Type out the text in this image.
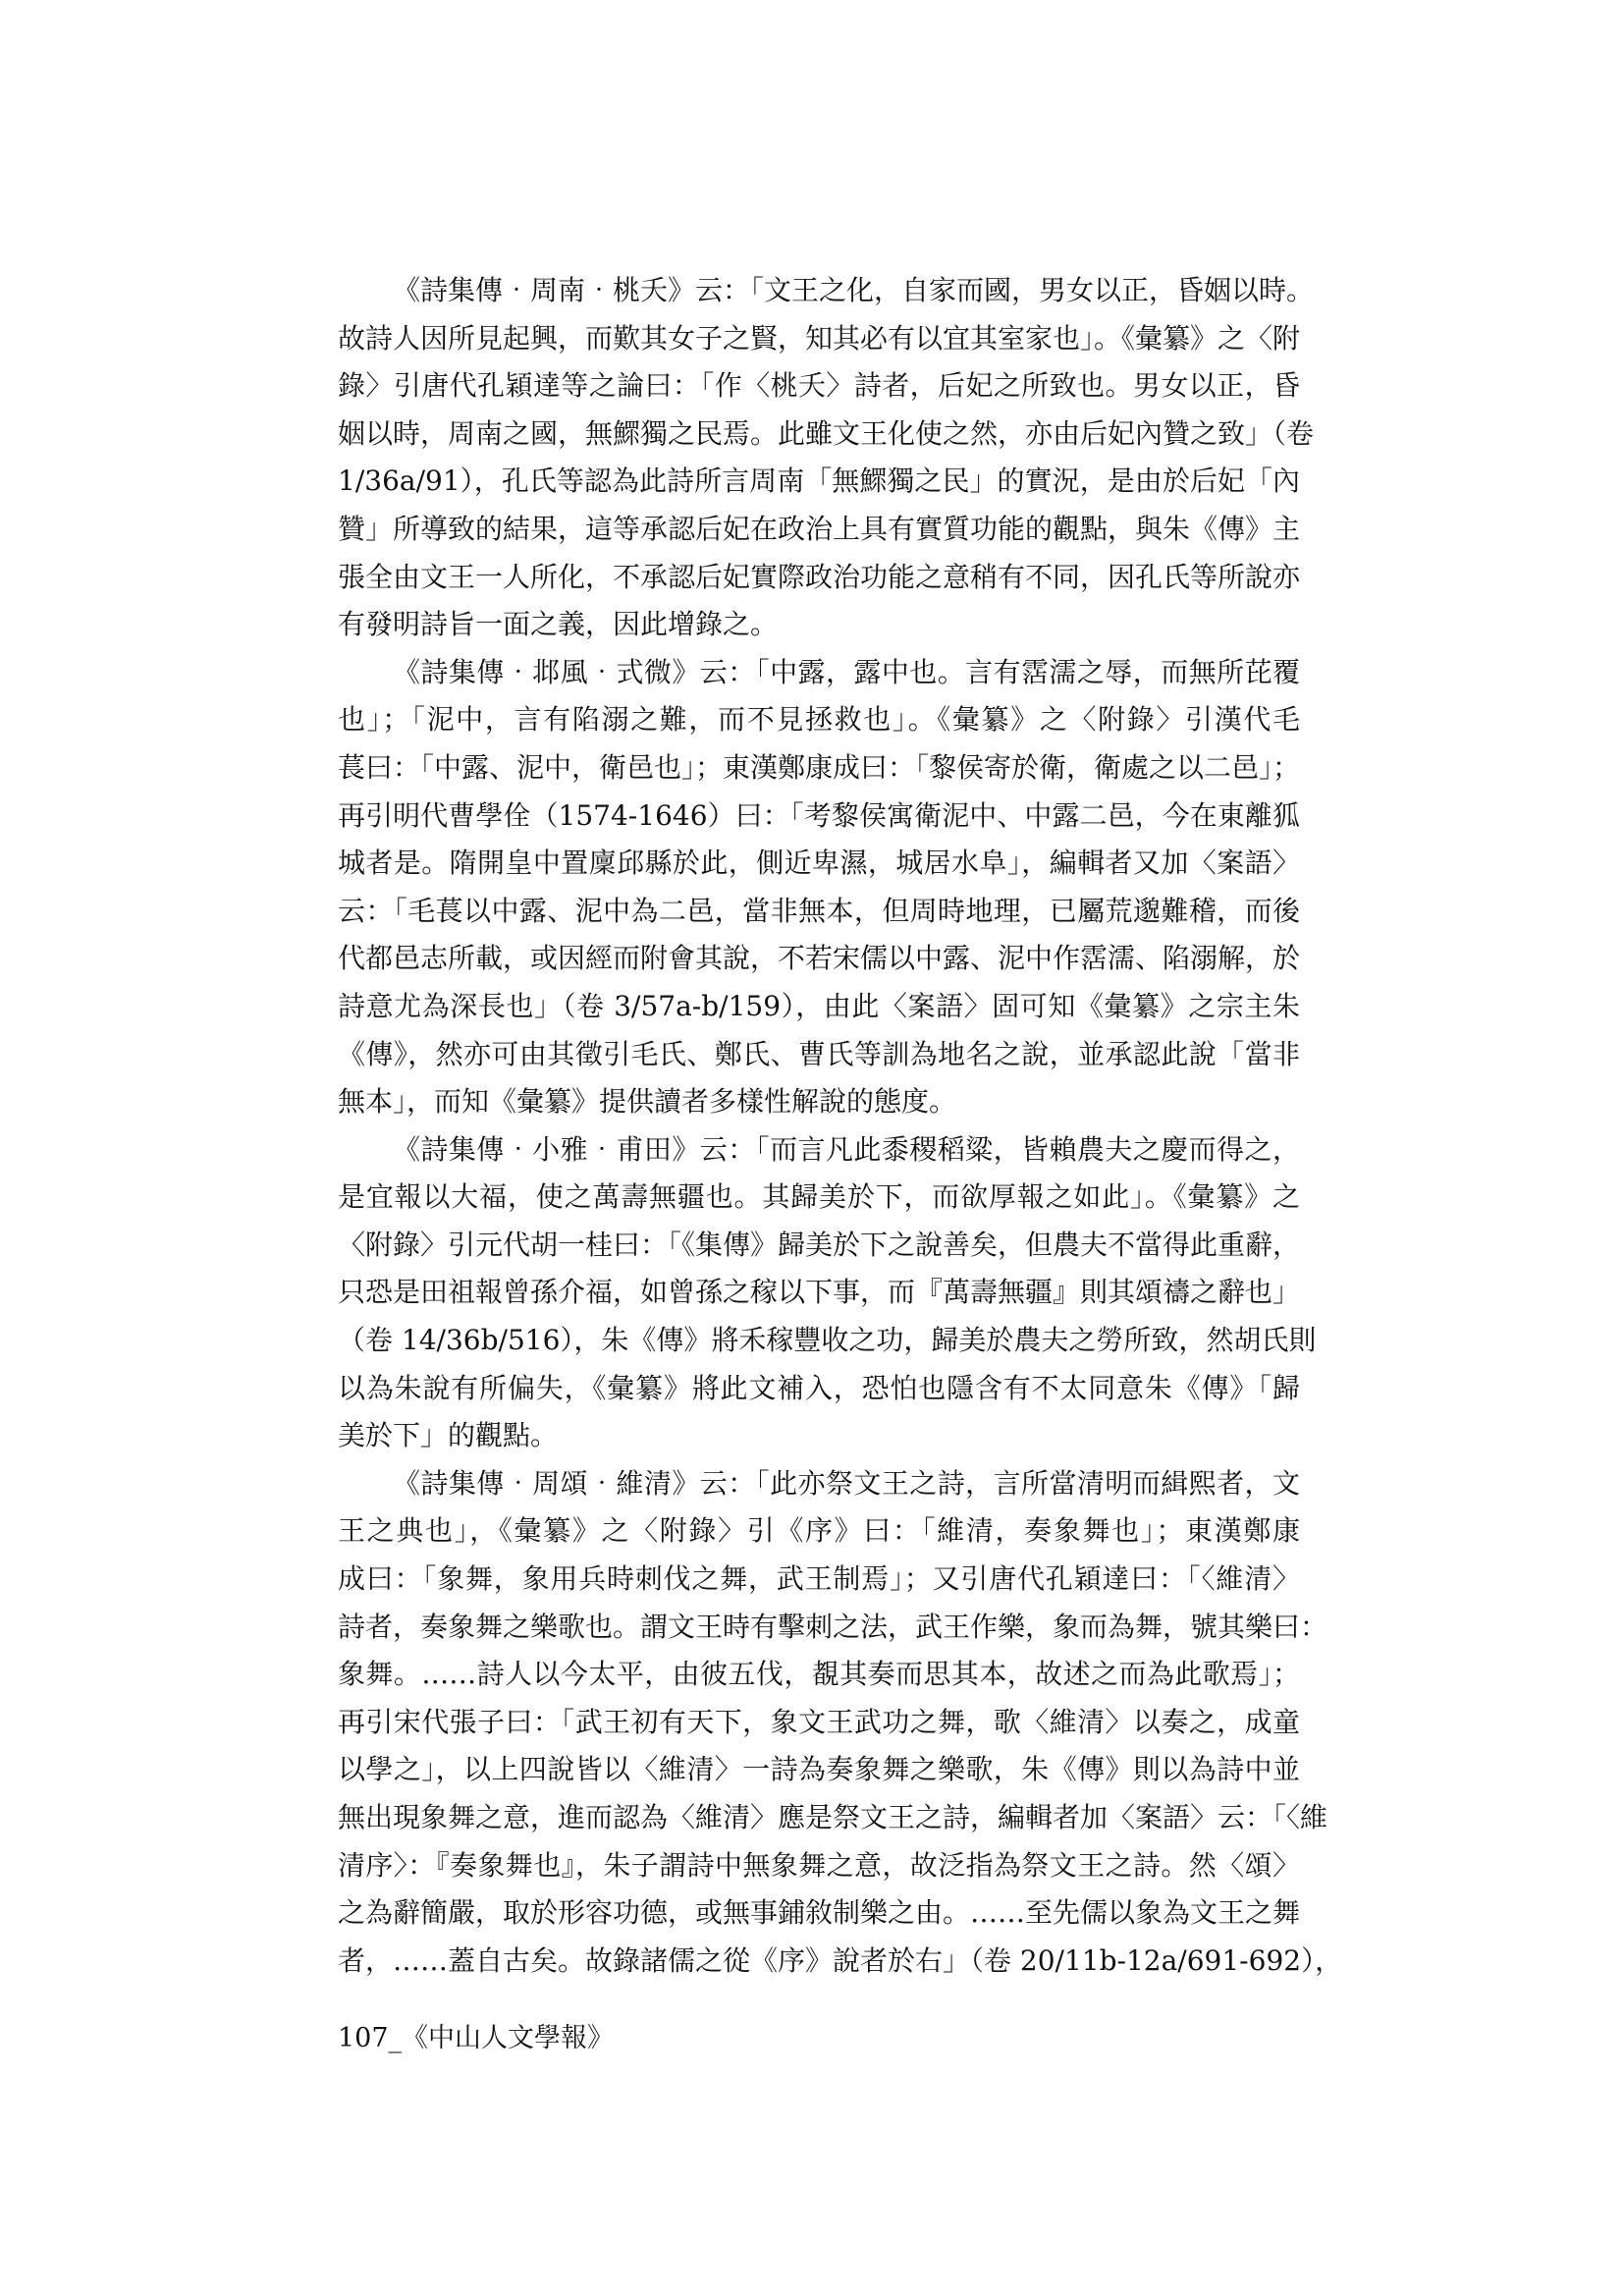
《詩集傳‧周南‧桃夭》云：「文王之化，自家而國，男女以正，昏姻以時。
故詩人因所見起興，而歎其女子之賢，知其必有以宜其室家也」。《彙纂》之〈附
錄〉引唐代孔穎達等之論曰：「作〈桃夭〉詩者，后妃之所致也。男女以正，昏
姻以時，周南之國，無鰥獨之民焉。此雖文王化使之然，亦由后妃內贊之致」（卷
1/36a/91），孔氏等認為此詩所言周南「無鰥獨之民」的實況，是由於后妃「內
贊」所導致的結果，這等承認后妃在政治上具有實質功能的觀點，與朱《傳》主
張全由文王一人所化，不承認后妃實際政治功能之意稍有不同，因孔氏等所說亦
有發明詩旨一面之義，因此增錄之。

《詩集傳‧邶風‧式微》云：「中露，露中也。言有霑濡之辱，而無所芘覆
也」；「泥中，言有陷溺之難，而不見拯救也」。《彙纂》之〈附錄〉引漢代毛
萇曰：「中露、泥中，衛邑也」；東漢鄭康成曰：「黎侯寄於衛，衛處之以二邑」；
再引明代曹學佺（1574-1646）曰：「考黎侯寓衛泥中、中露二邑，今在東離狐
城者是。隋開皇中置廩邱縣於此，側近卑濕，城居水阜」，編輯者又加〈案語〉
云：「毛萇以中露、泥中為二邑，當非無本，但周時地理，已屬荒邈難稽，而後
代都邑志所載，或因經而附會其說，不若宋儒以中露、泥中作霑濡、陷溺解，於
詩意尤為深長也」（卷 3/57a-b/159），由此〈案語〉固可知《彙纂》之宗主朱
《傳》，然亦可由其徵引毛氏、鄭氏、曹氏等訓為地名之說，並承認此說「當非
無本」，而知《彙纂》提供讀者多樣性解說的態度。

《詩集傳‧小雅‧甫田》云：「而言凡此黍稷稻粱，皆賴農夫之慶而得之，
是宜報以大福，使之萬壽無疆也。其歸美於下，而欲厚報之如此」。《彙纂》之
〈附錄〉引元代胡一桂曰：「《集傳》歸美於下之說善矣，但農夫不當得此重辭，
只恐是田祖報曾孫介福，如曾孫之稼以下事，而『萬壽無疆』則其頌禱之辭也」
（卷 14/36b/516），朱《傳》將禾稼豐收之功，歸美於農夫之勞所致，然胡氏則
以為朱說有所偏失，《彙纂》將此文補入，恐怕也隱含有不太同意朱《傳》「歸
美於下」的觀點。

《詩集傳‧周頌‧維清》云：「此亦祭文王之詩，言所當清明而緝熙者，文
王之典也」，《彙纂》之〈附錄〉引《序》曰：「維清，奏象舞也」；東漢鄭康
成曰：「象舞，象用兵時刺伐之舞，武王制焉」；又引唐代孔穎達曰：「〈維清〉
詩者，奏象舞之樂歌也。謂文王時有擊刺之法，武王作樂，象而為舞，號其樂曰：
象舞。……詩人以今太平，由彼五伐，覩其奏而思其本，故述之而為此歌焉」；
再引宋代張子曰：「武王初有天下，象文王武功之舞，歌〈維清〉以奏之，成童
以學之」，以上四說皆以〈維清〉一詩為奏象舞之樂歌，朱《傳》則以為詩中並
無出現象舞之意，進而認為〈維清〉應是祭文王之詩，編輯者加〈案語〉云：「〈維
清序〉：『奏象舞也』，朱子謂詩中無象舞之意，故泛指為祭文王之詩。然〈頌〉
之為辭簡嚴，取於形容功德，或無事鋪敘制樂之由。……至先儒以象為文王之舞
者，……蓋自古矣。故錄諸儒之從《序》說者於右」（卷 20/11b-12a/691-692），

107_《中山人文學報》
